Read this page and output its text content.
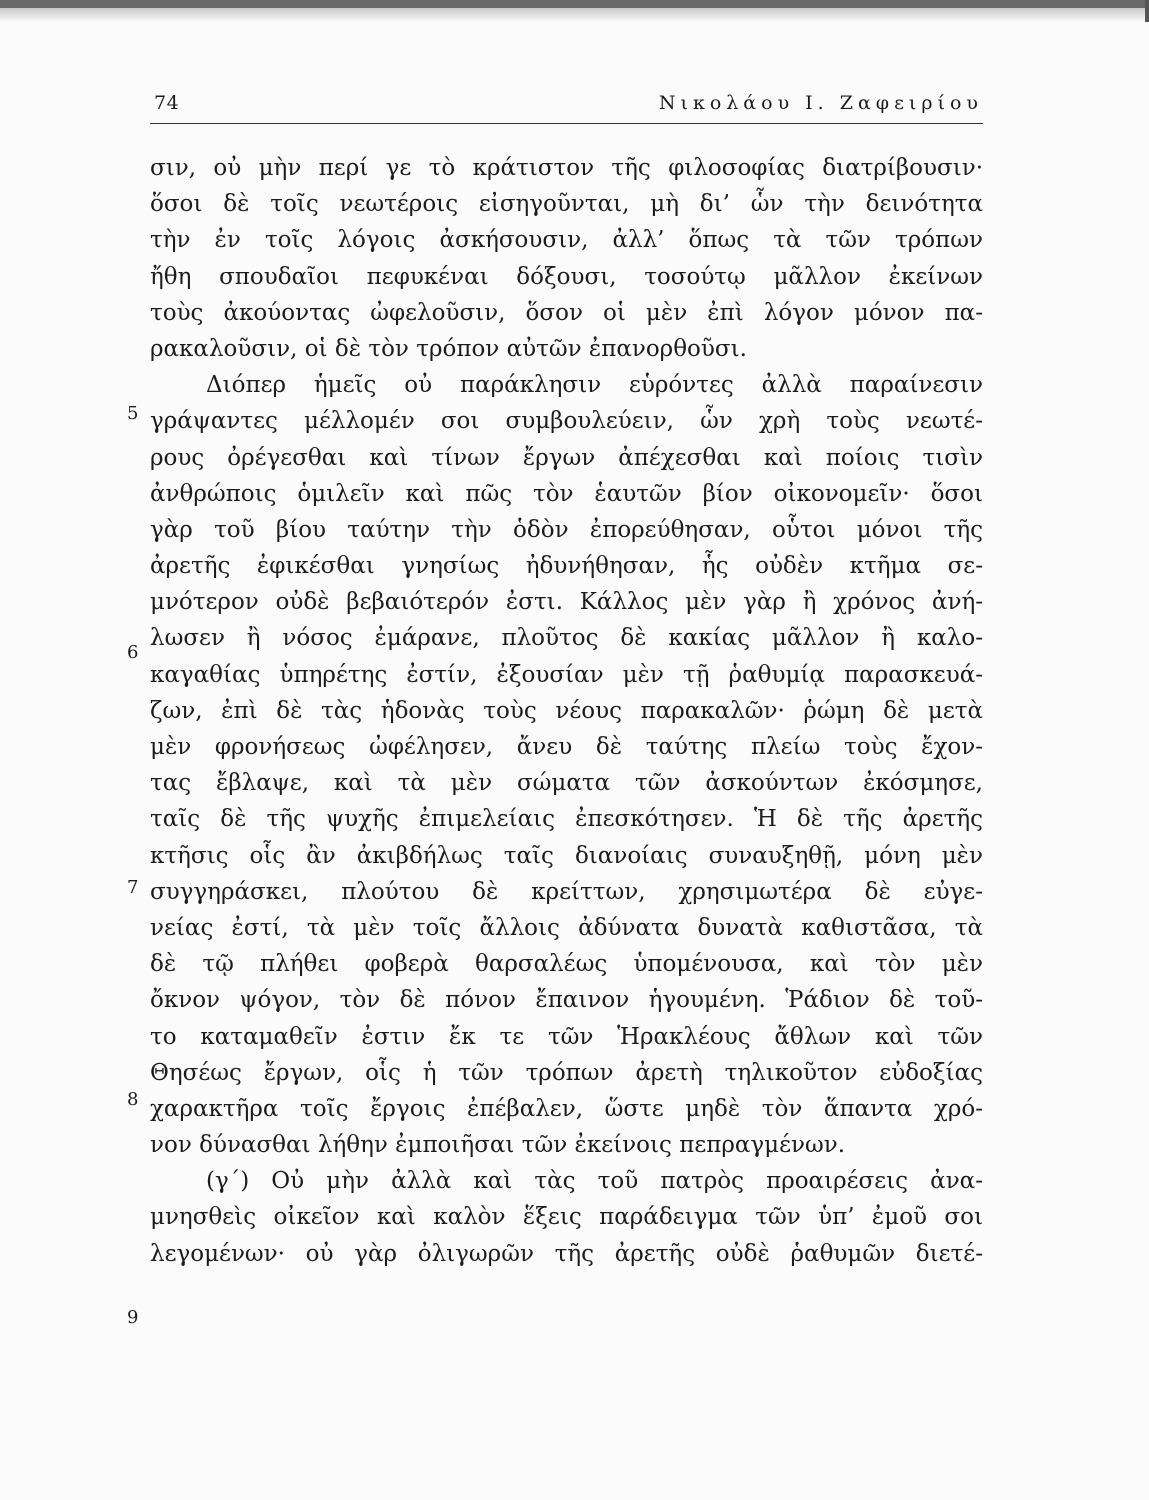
74	Νικολάου Ι. Ζαφειρίου
5
6
7
8
9
σιν, οὐ μὴν περί γε τὸ κράτιστον τῆς φιλοσοφίας διατρίβουσιν·
ὅσοι δὲ τοῖς νεωτέροις εἰσηγοῦνται, μὴ δι’ ὧν τὴν δεινότητα
τὴν ἐν τοῖς λόγοις ἀσκήσουσιν, ἀλλ’ ὅπως τὰ τῶν τρόπων
ἤθη σπουδαῖοι πεφυκέναι δόξουσι, τοσούτῳ μᾶλλον ἐκείνων
τοὺς ἀκούοντας ὠφελοῦσιν, ὅσον οἱ μὲν ἐπὶ λόγον μόνον πα-
ρακαλοῦσιν, οἱ δὲ τὸν τρόπον αὐτῶν ἐπανορθοῦσι.
Διόπερ ἡμεῖς οὐ παράκλησιν εὑρόντες ἀλλὰ παραίνεσιν
γράψαντες μέλλομέν σοι συμβουλεύειν, ὧν χρὴ τοὺς νεωτέ-
ρους ὀρέγεσθαι καὶ τίνων ἔργων ἀπέχεσθαι καὶ ποίοις τισὶν
ἀνθρώποις ὁμιλεῖν καὶ πῶς τὸν ἑαυτῶν βίον οἰκονομεῖν· ὅσοι
γὰρ τοῦ βίου ταύτην τὴν ὁδὸν ἐπορεύθησαν, οὗτοι μόνοι τῆς
ἀρετῆς ἐφικέσθαι γνησίως ἠδυνήθησαν, ἧς οὐδὲν κτῆμα σε-
μνότερον οὐδὲ βεβαιότερόν ἐστι. Κάλλος μὲν γὰρ ἢ χρόνος ἀνή-
λωσεν ἢ νόσος ἐμάρανε, πλοῦτος δὲ κακίας μᾶλλον ἢ καλο-
καγαθίας ὑπηρέτης ἐστίν, ἐξουσίαν μὲν τῇ ῥαθυμίᾳ παρασκευά-
ζων, ἐπὶ δὲ τὰς ἡδονὰς τοὺς νέους παρακαλῶν· ῥώμη δὲ μετὰ
μὲν φρονήσεως ὠφέλησεν, ἄνευ δὲ ταύτης πλείω τοὺς ἔχον-
τας ἔβλαψε, καὶ τὰ μὲν σώματα τῶν ἀσκούντων ἐκόσμησε,
ταῖς δὲ τῆς ψυχῆς ἐπιμελείαις ἐπεσκότησεν. Ἡ δὲ τῆς ἀρετῆς
κτῆσις οἷς ἂν ἀκιβδήλως ταῖς διανοίαις συναυξηθῇ, μόνη μὲν
συγγηράσκει, πλούτου δὲ κρείττων, χρησιμωτέρα δὲ εὐγε-
νείας ἐστί, τὰ μὲν τοῖς ἄλλοις ἀδύνατα δυνατὰ καθιστᾶσα, τὰ
δὲ τῷ πλήθει φοβερὰ θαρσαλέως ὑπομένουσα, καὶ τὸν μὲν
ὄκνον ψόγον, τὸν δὲ πόνον ἔπαινον ἡγουμένη. Ῥάδιον δὲ τοῦ-
το καταμαθεῖν ἐστιν ἔκ τε τῶν Ἡρακλέους ἄθλων καὶ τῶν
Θησέως ἔργων, οἷς ἡ τῶν τρόπων ἀρετὴ τηλικοῦτον εὐδοξίας
χαρακτῆρα τοῖς ἔργοις ἐπέβαλεν, ὥστε μηδὲ τὸν ἅπαντα χρό-
νον δύνασθαι λήθην ἐμποιῆσαι τῶν ἐκείνοις πεπραγμένων.
(γ΄) Οὐ μὴν ἀλλὰ καὶ τὰς τοῦ πατρὸς προαιρέσεις ἀνα-
μνησθεὶς οἰκεῖον καὶ καλὸν ἕξεις παράδειγμα τῶν ὑπ’ ἐμοῦ σοι
λεγομένων· οὐ γὰρ ὀλιγωρῶν τῆς ἀρετῆς οὐδὲ ῥαθυμῶν διετέ-
